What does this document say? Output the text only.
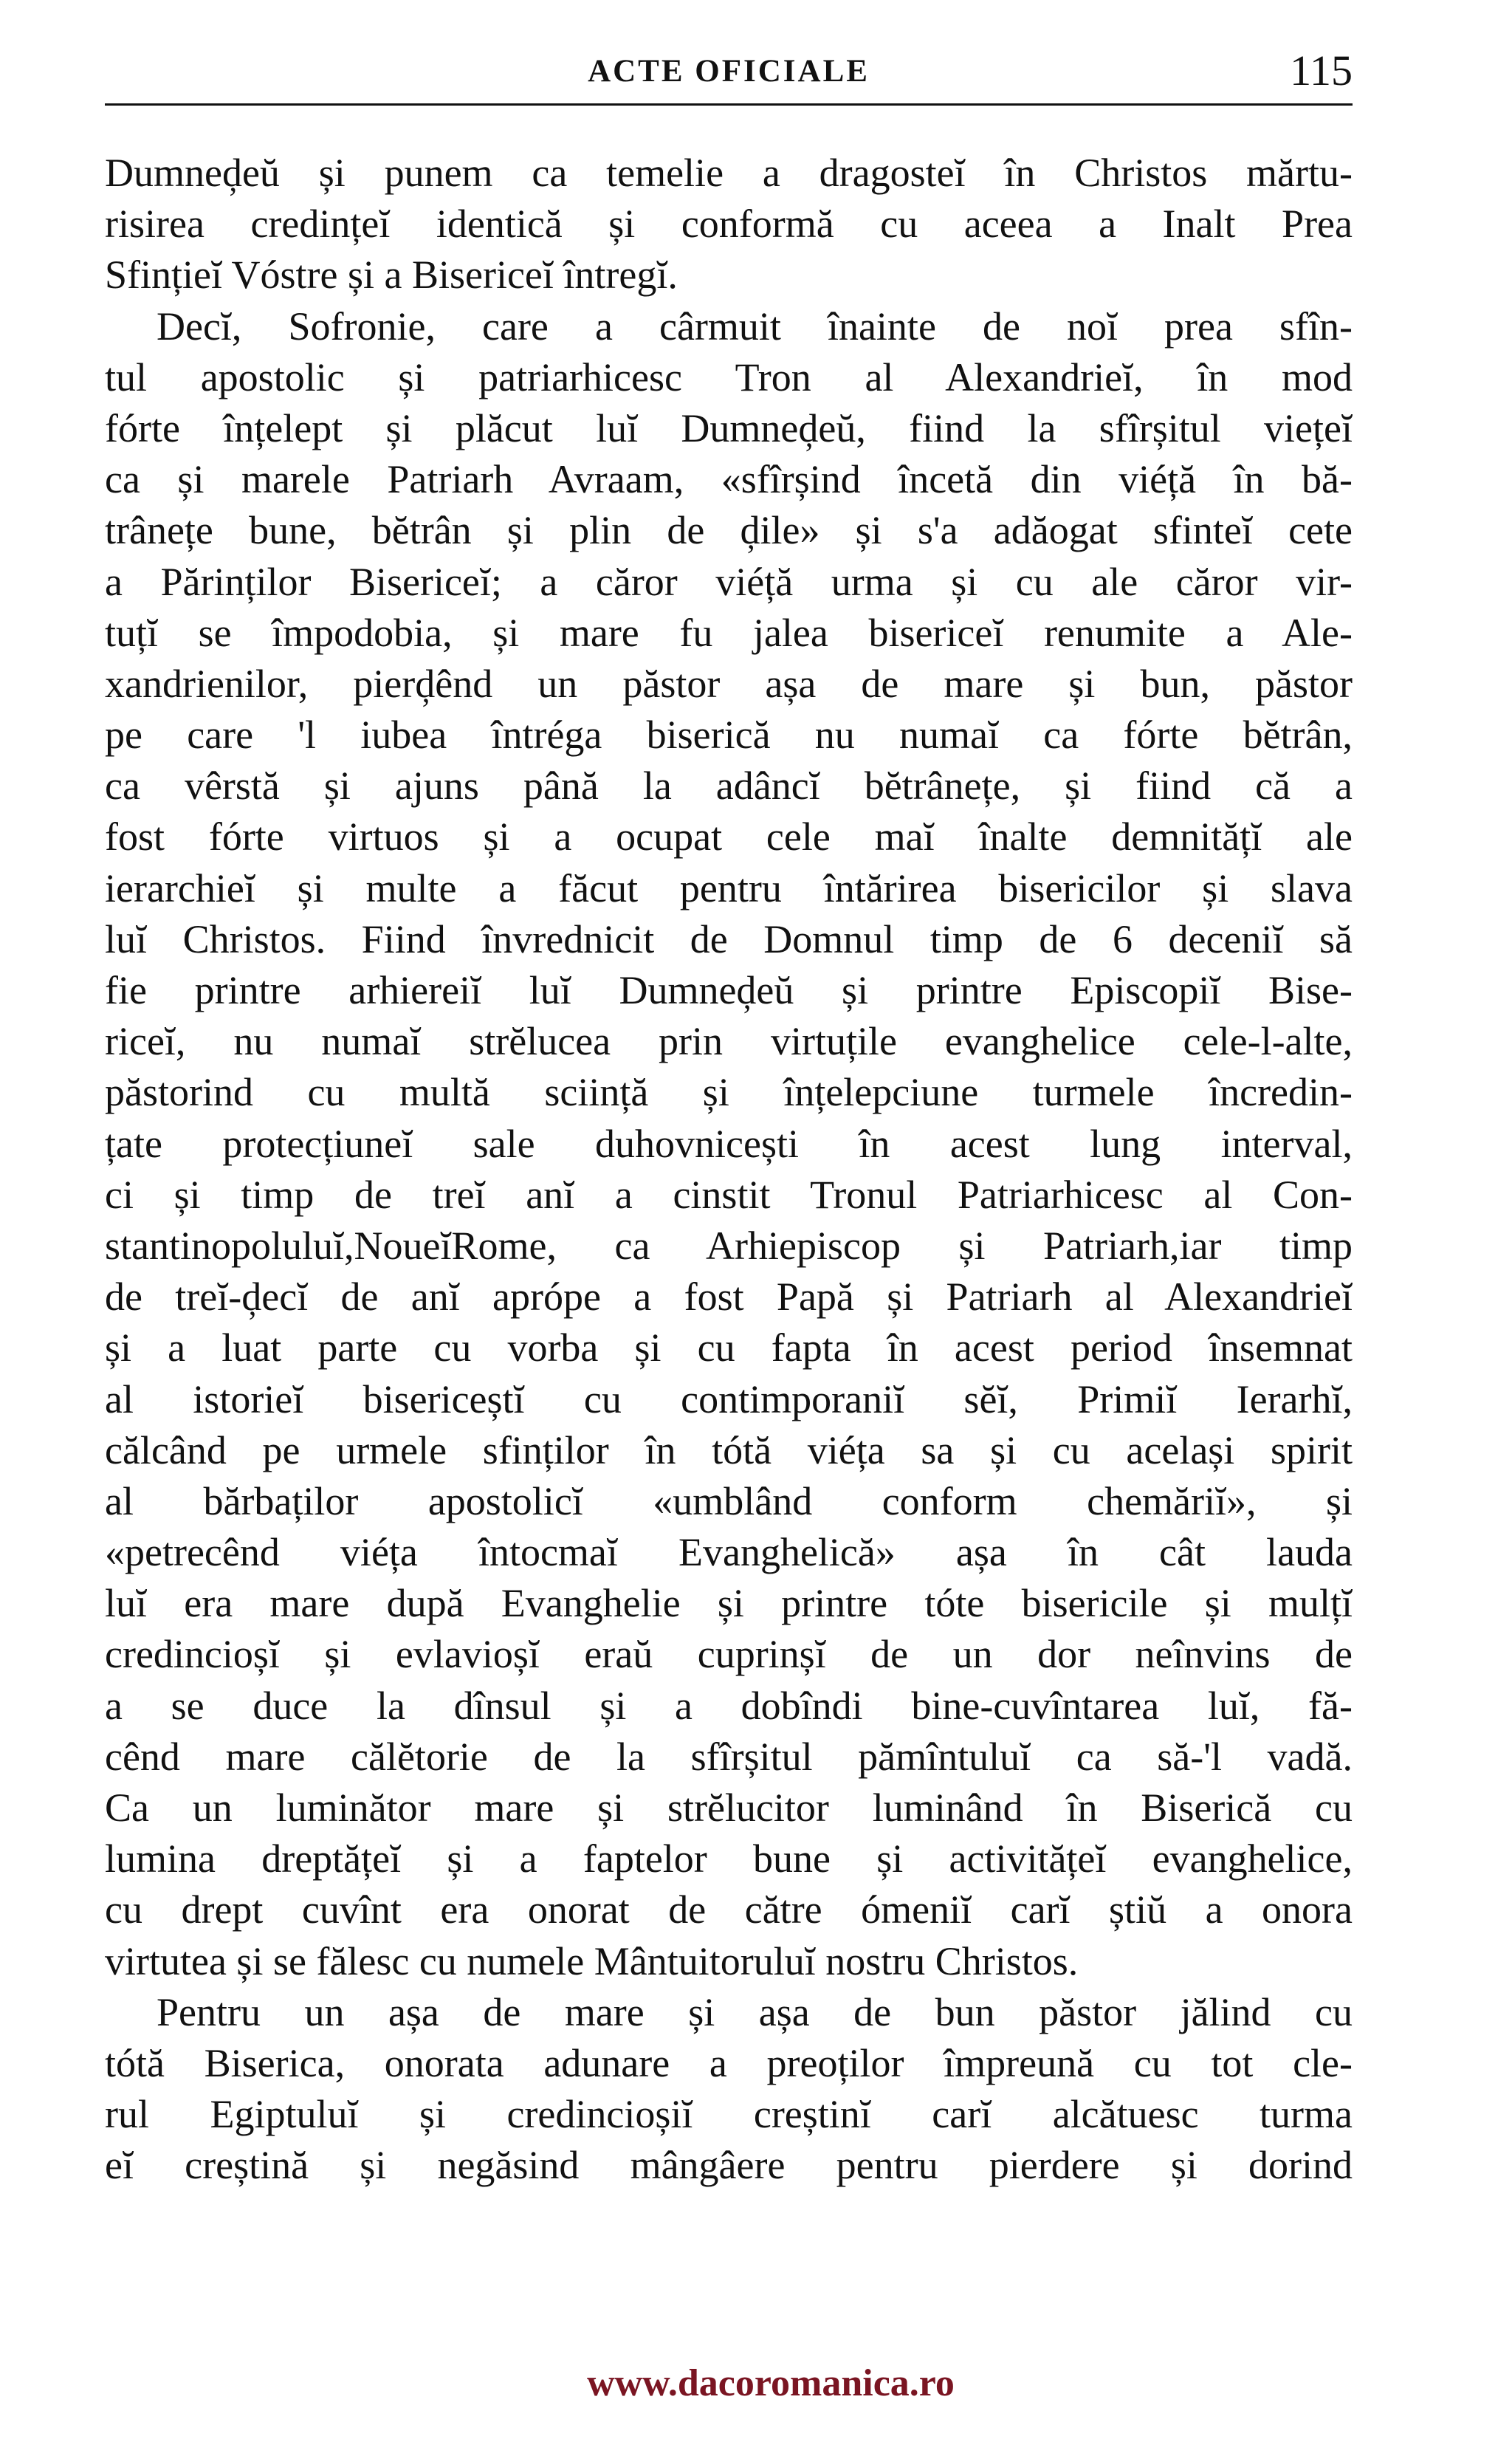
ACTE OFICIALE	115
Dumneḑeŭ și punem ca temelie a dragosteĭ în Christos mărtu-
risirea credințeĭ identică și conformă cu aceea a Inalt Prea
Sfințieĭ Vóstre și a Bisericeĭ întregĭ.
Decĭ, Sofronie, care a cârmuit înainte de noĭ prea sfîn-
tul apostolic și patriarhicesc Tron al Alexandrieĭ, în mod
fórte înțelept și plăcut luĭ Dumneḑeŭ, fiind la sfîrșitul viețeĭ
ca și marele Patriarh Avraam, «sfîrșind încetă din viéță în bă-
trânețe bune, bĕtrân și plin de ḑile» și s'a adăogat sfinteĭ cete
a Părinților Bisericeĭ; a căror viéță urma și cu ale căror vir-
tuțĭ se împodobia, și mare fu jalea bisericeĭ renumite a Ale-
xandrienilor, pierḑênd un păstor așa de mare și bun, păstor
pe care 'l iubea întréga biserică nu numaĭ ca fórte bĕtrân,
ca vêrstă și ajuns până la adâncĭ bĕtrânețe, și fiind că a
fost fórte virtuos și a ocupat cele maĭ înalte demnitățĭ ale
ierarchieĭ și multe a făcut pentru întărirea bisericilor și slava
luĭ Christos. Fiind învrednicit de Domnul timp de 6 deceniĭ să
fie printre arhiereiĭ luĭ Dumneḑeŭ și printre Episcopiĭ Bise-
riceĭ, nu numaĭ strĕlucea prin virtuțile evanghelice cele-l-alte,
păstorind cu multă sciință și înțelepciune turmele încredin-
țate protecțiuneĭ sale duhovnicești în acest lung interval,
ci și timp de treĭ anĭ a cinstit Tronul Patriarhicesc al Con-
stantinopoluluĭ,NoueĭRome, ca Arhiepiscop și Patriarh,iar timp
de treĭ-ḑecĭ de anĭ aprópe a fost Papă și Patriarh al Alexandrieĭ
și a luat parte cu vorba și cu fapta în acest period însemnat
al istorieĭ bisericeștĭ cu contimporaniĭ sĕĭ, Primiĭ Ierarhĭ,
călcând pe urmele sfinților în tótă viéța sa și cu același spirit
al bărbaților apostolicĭ «umblând conform chemăriĭ», și
«petrecênd viéța întocmaĭ Evanghelică» așa în cât lauda
luĭ era mare după Evanghelie și printre tóte bisericile și mulțĭ
credincioșĭ și evlavioșĭ eraŭ cuprinșĭ de un dor neînvins de
a se duce la dînsul și a dobîndi bine-cuvîntarea luĭ, fă-
cênd mare călĕtorie de la sfîrșitul pămîntuluĭ ca să-'l vadă.
Ca un luminător mare și strĕlucitor luminând în Biserică cu
lumina dreptățeĭ și a faptelor bune și activitățeĭ evanghelice,
cu drept cuvînt era onorat de către ómeniĭ carĭ știŭ a onora
virtutea și se fălesc cu numele Mântuitoruluĭ nostru Christos.
Pentru un așa de mare și așa de bun păstor jălind cu
tótă Biserica, onorata adunare a preoților împreună cu tot cle-
rul Egiptuluĭ și credincioșiĭ creștinĭ carĭ alcătuesc turma
eĭ creștină și negăsind mângâere pentru pierdere și dorind
www.dacoromanica.ro
